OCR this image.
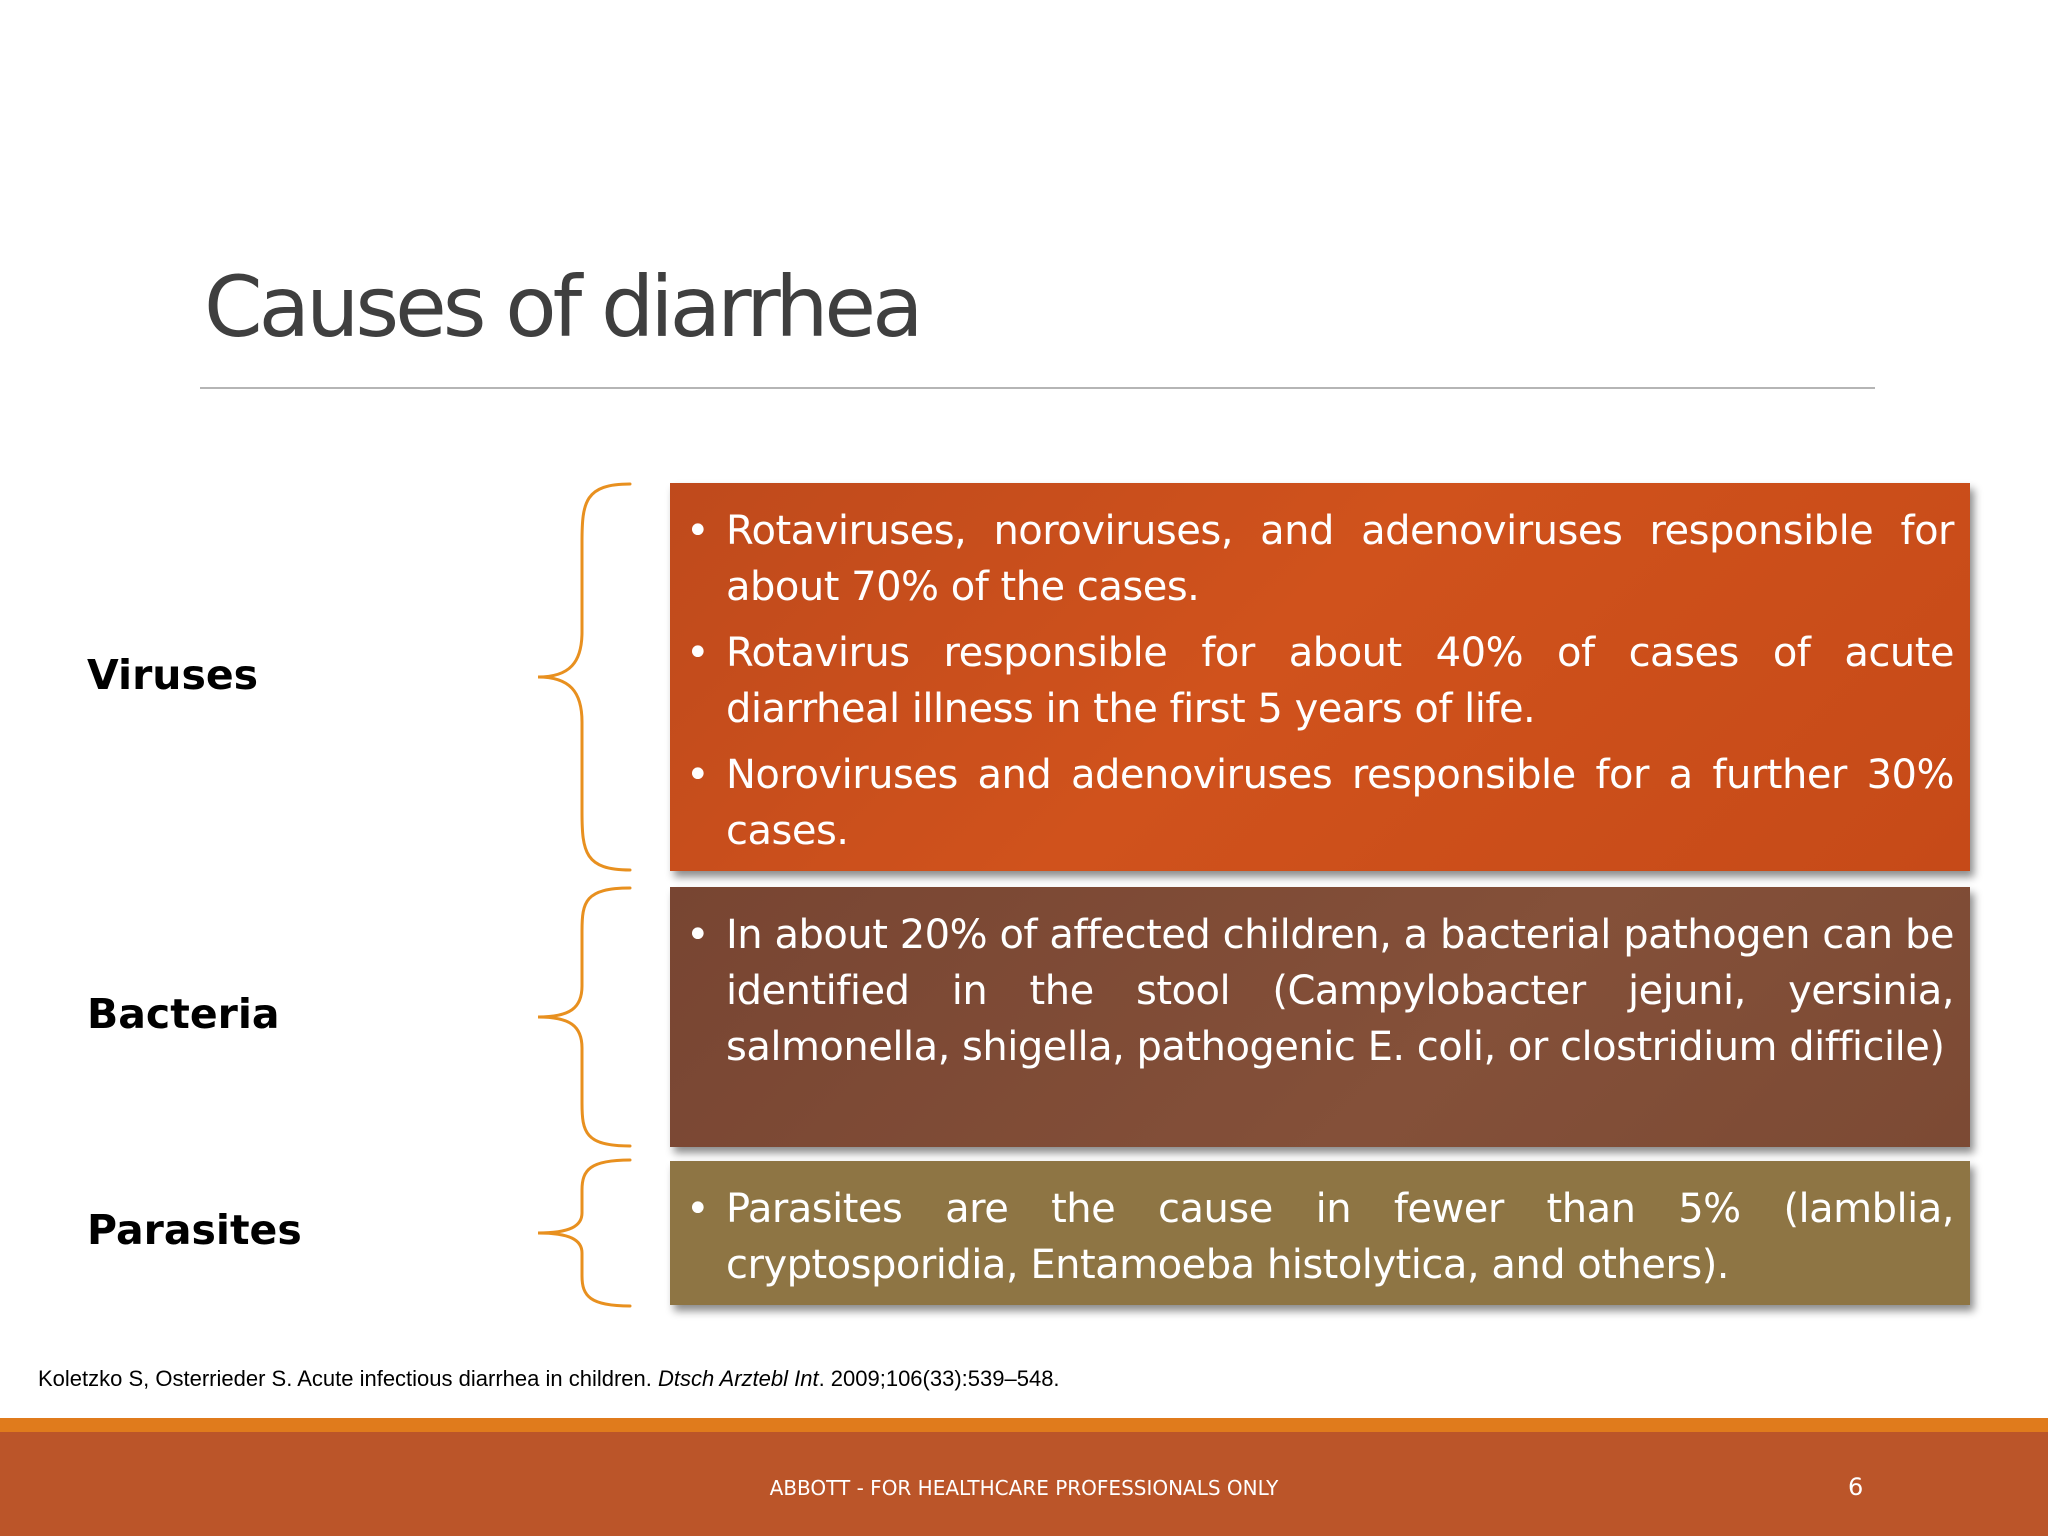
Causes of diarrhea
Viruses
• Rotaviruses, noroviruses, and adenoviruses responsible for about 70% of the cases.
• Rotavirus responsible for about 40% of cases of acute diarrheal illness in the first 5 years of life.
• Noroviruses and adenoviruses responsible for a further 30% cases.
Bacteria
• In about 20% of affected children, a bacterial pathogen can be identified in the stool (Campylobacter jejuni, yersinia, salmonella, shigella, pathogenic E. coli, or clostridium difficile)
Parasites
•	Parasites are the cause in fewer than 5% (lamblia, cryptosporidia, Entamoeba histolytica, and others).
Koletzko S, Osterrieder S. Acute infectious diarrhea in children. Dtsch Arztebl Int. 2009;106(33):539–548.
ABBOTT - FOR HEALTHCARE PROFESSIONALS ONLY	6
